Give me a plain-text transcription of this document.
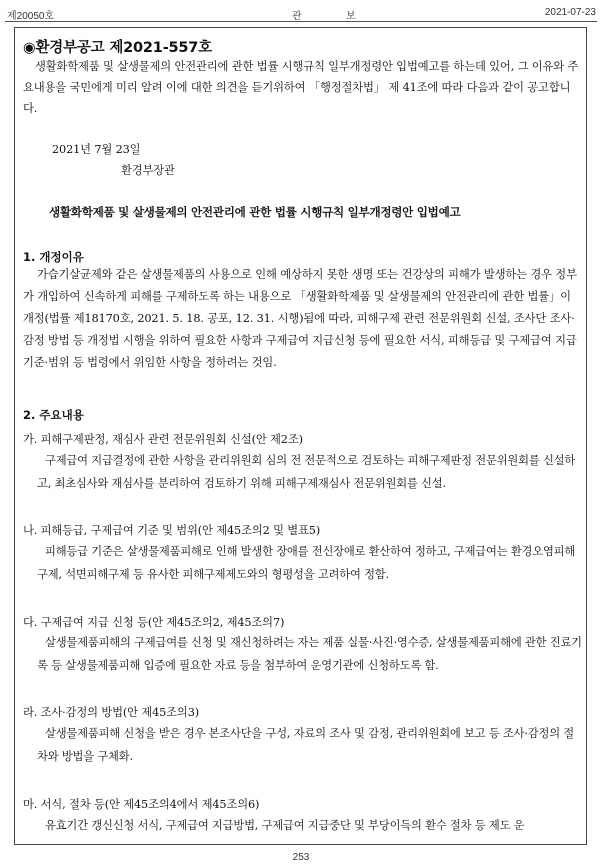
제20050호	관	보	2021-07-23
◉환경부공고 제2021-557호
생활화학제품 및 살생물제의 안전관리에 관한 법률 시행규칙 일부개정령안 입법예고를 하는데 있어, 그 이유와 주요내용을 국민에게 미리 알려 이에 대한 의견을 듣기위하여 「행정절차법」 제 41조에 따라 다음과 같이 공고합니다.
2021년 7월 23일
환경부장관
생활화학제품 및 살생물제의 안전관리에 관한 법률 시행규칙 일부개정령안 입법예고
1. 개정이유
가습기살균제와 같은 살생물제품의 사용으로 인해 예상하지 못한 생명 또는 건강상의 피해가 발생하는 경우 정부가 개입하여 신속하게 피해를 구제하도록 하는 내용으로 「생활화학제품 및 살생물제의 안전관리에 관한 법률」이 개정(법률 제18170호, 2021. 5. 18. 공포, 12. 31. 시행)됨에 따라, 피해구제 관련 전문위원회 신설, 조사단 조사·감정 방법 등 개정법 시행을 위하여 필요한 사항과 구제급여 지급신청 등에 필요한 서식, 피해등급 및 구제급여 지급 기준·범위 등 법령에서 위임한 사항을 정하려는 것임.
2. 주요내용
가. 피해구제판정, 재심사 관련 전문위원회 신설(안 제2조)
구제급여 지급결정에 관한 사항을 관리위원회 심의 전 전문적으로 검토하는 피해구제판정 전문위원회를 신설하고, 최초심사와 재심사를 분리하여 검토하기 위해 피해구제재심사 전문위원회를 신설.
나. 피해등급, 구제급여 기준 및 범위(안 제45조의2 및 별표5)
피해등급 기준은 살생물제품피해로 인해 발생한 장애를 전신장애로 환산하여 정하고, 구제급여는 환경오염피해구제, 석면피해구제 등 유사한 피해구제제도와의 형평성을 고려하여 정함.
다. 구제급여 지급 신청 등(안 제45조의2, 제45조의7)
살생물제품피해의 구제급여를 신청 및 재신청하려는 자는 제품 실물·사진·영수증, 살생물제품피해에 관한 진료기록 등 살생물제품피해 입증에 필요한 자료 등을 첨부하여 운영기관에 신청하도록 함.
라. 조사·감정의 방법(안 제45조의3)
살생물제품피해 신청을 받은 경우 본조사단을 구성, 자료의 조사 및 감정, 관리위원회에 보고 등 조사·감정의 절차와 방법을 구체화.
마. 서식, 절차 등(안 제45조의4에서 제45조의6)
유효기간 갱신신청 서식, 구제급여 지급방법, 구제급여 지급중단 및 부당이득의 환수 절차 등 제도 운
253
